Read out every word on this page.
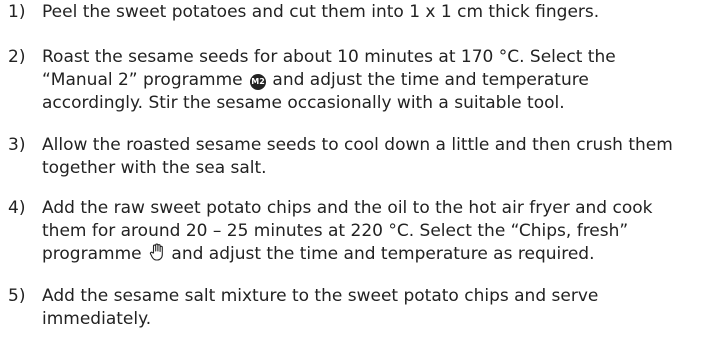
1) Peel the sweet potatoes and cut them into 1 x 1 cm thick fingers.
2) Roast the sesame seeds for about 10 minutes at 170 °C. Select the
“Manual 2” programme M2 and adjust the time and temperature
accordingly. Stir the sesame occasionally with a suitable tool.
3) Allow the roasted sesame seeds to cool down a little and then crush them
together with the sea salt.
4) Add the raw sweet potato chips and the oil to the hot air fryer and cook
them for around 20 – 25 minutes at 220 °C. Select the “Chips, fresh”
programme and adjust the time and temperature as required.
5) Add the sesame salt mixture to the sweet potato chips and serve
immediately.
